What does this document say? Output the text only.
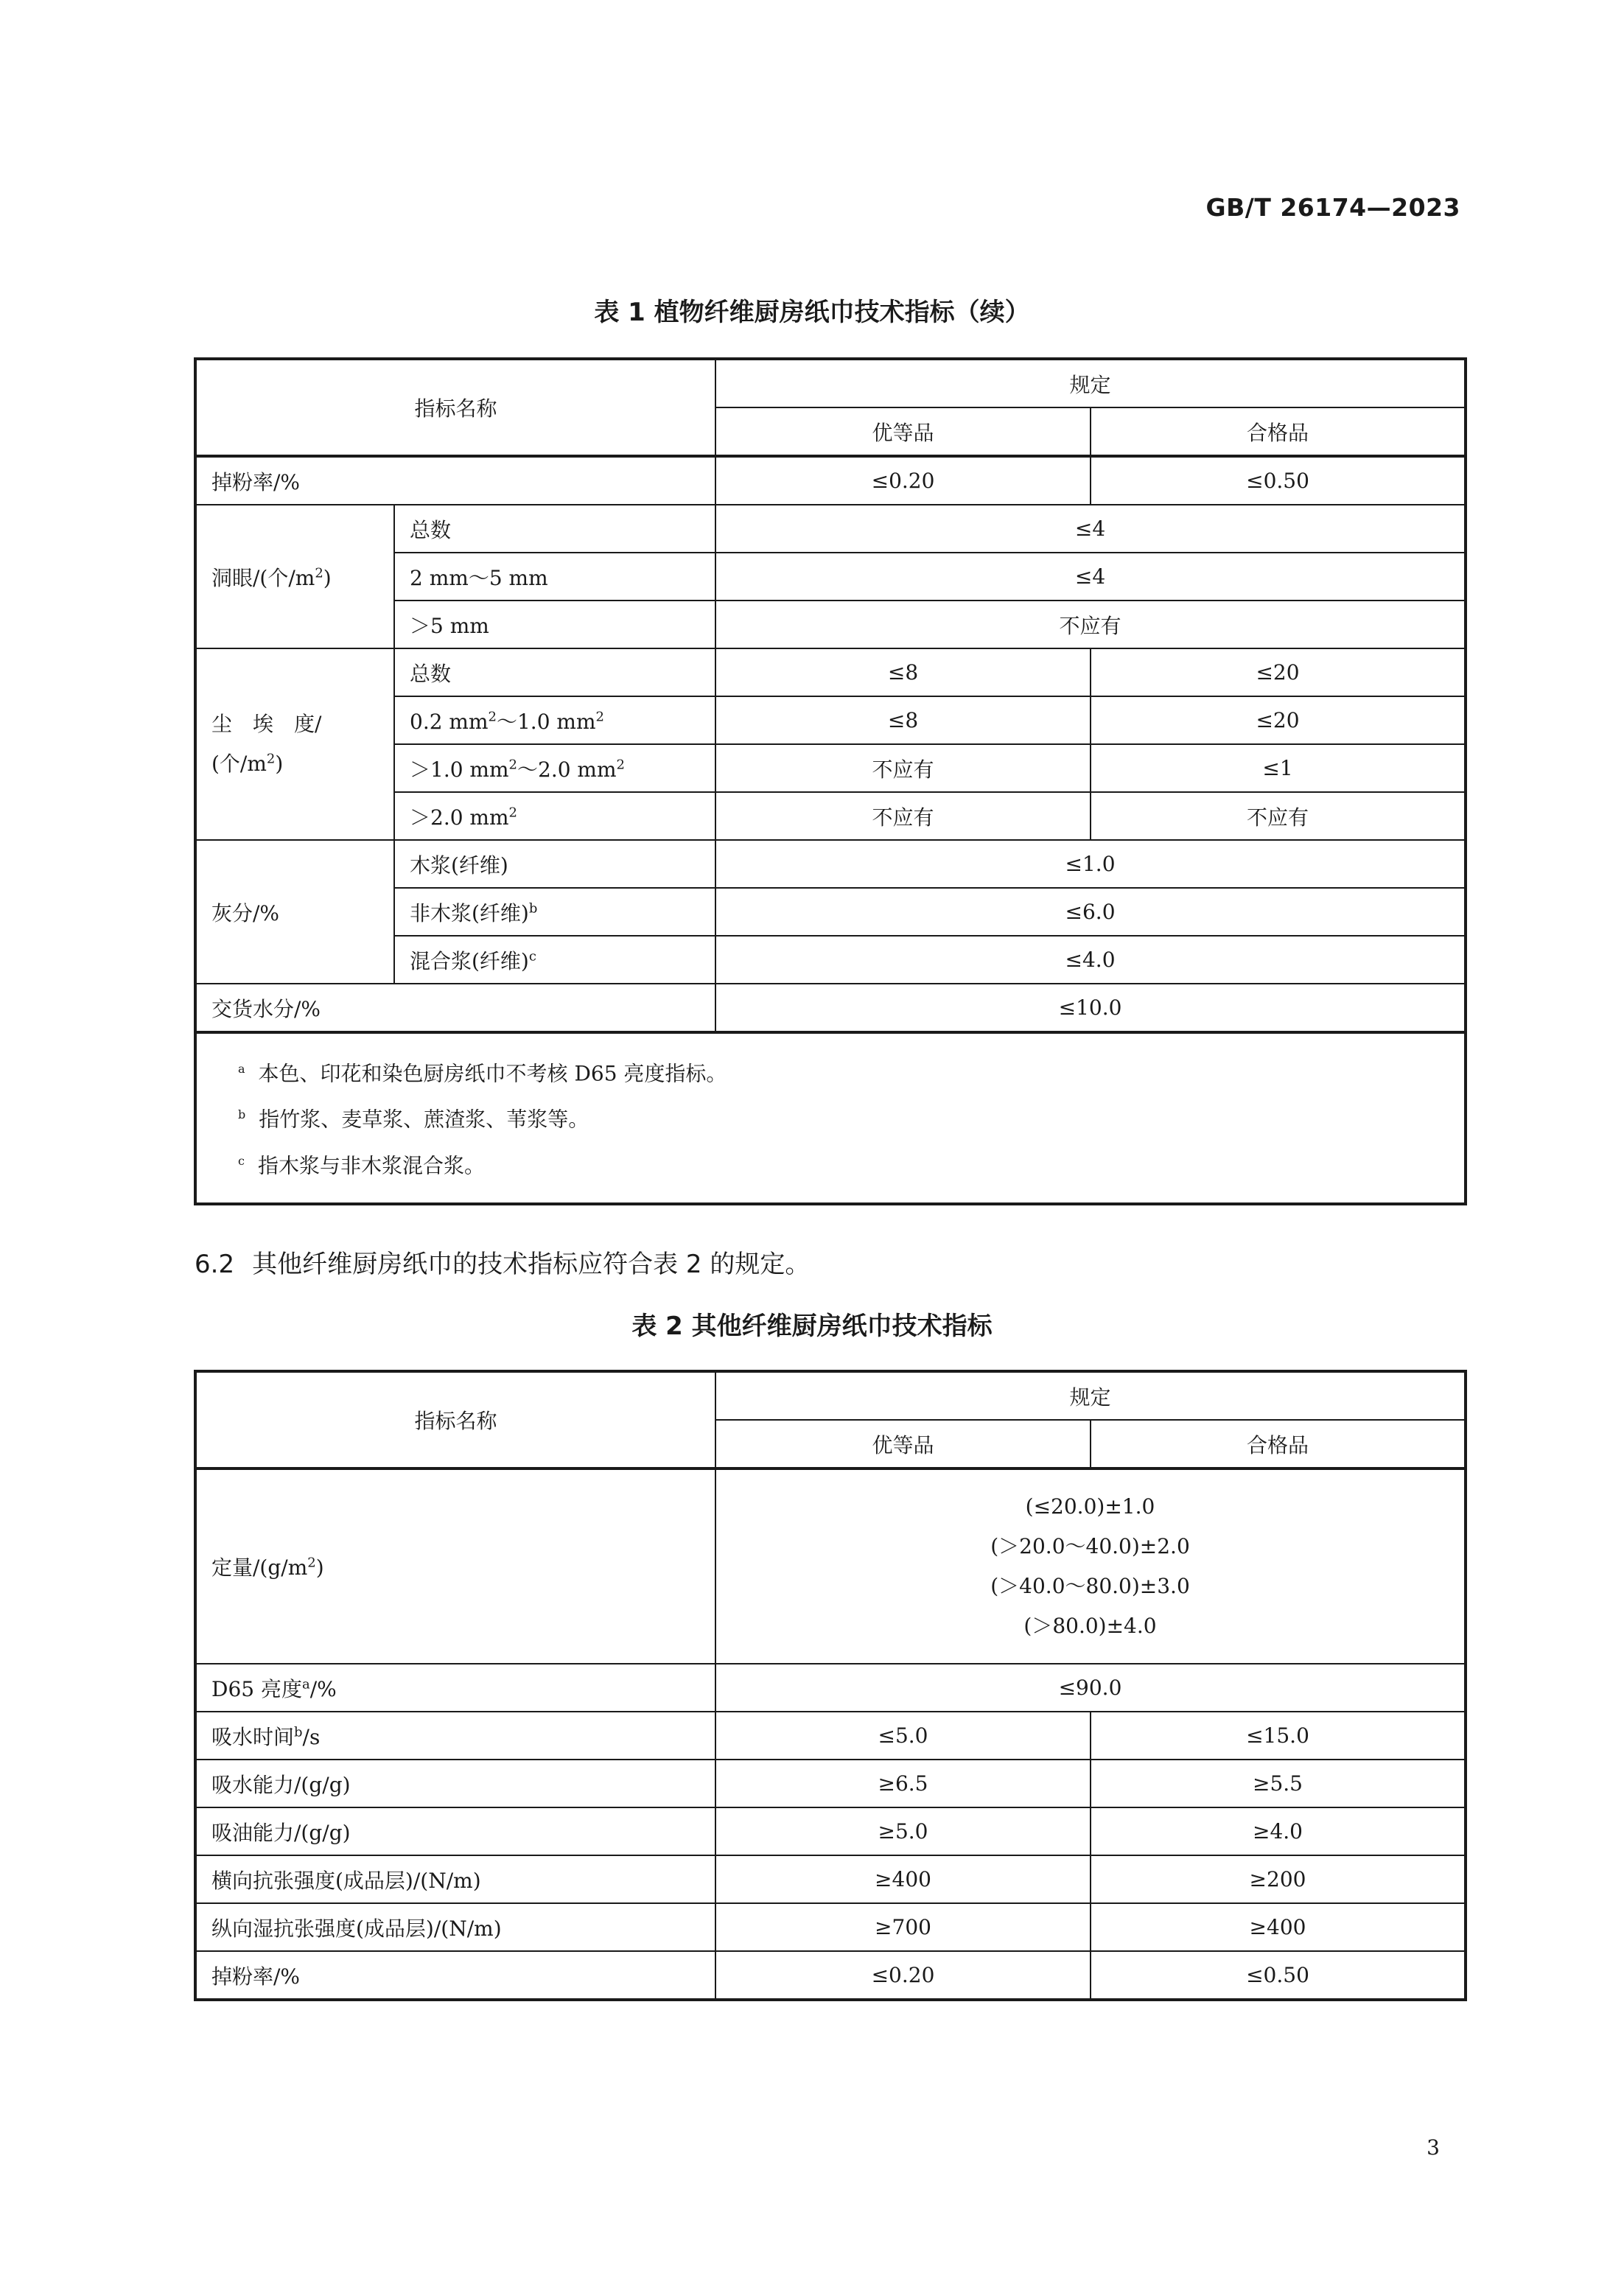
GB/T 26174—2023
表 1 植物纤维厨房纸巾技术指标（续）
指标名称		规定	
		优等品	合格品
掉粉率/%		≤0.20	≤0.50
洞眼/(个$/m^2$)	总数	≤4	
	2 mm～5 mm	≤4	
	＞5 mm	不应有	
尘　埃　度/
(个$/m^2$)	总数	≤8	≤20
	0.2 $mm^2\sim 1.0$ $mm^2$	≤8	≤20
	＞1.0 $mm^2\sim 2.0$ $mm^2$	不应有	≤1
	＞2.0 $mm^2$	不应有	不应有
灰分/%	木浆(纤维)	≤1.0	
	非木浆(纤维)$^b$	≤6.0	
	混合浆(纤维)$^c$	≤4.0	
交货水分/%		≤10.0	

$^a$ 本色、印花和染色厨房纸巾不考核 D65 亮度指标。
$^b$ 指竹浆、麦草浆、蔗渣浆、苇浆等。
$^c$ 指木浆与非木浆混合浆。			
6.2 其他纤维厨房纸巾的技术指标应符合表 2 的规定。
表 2 其他纤维厨房纸巾技术指标
指标名称	规定	
	优等品	合格品
定量$/(g/m^2)$	(≤20.0)±1.0
(＞20.0～40.0)±2.0
(＞40.0～80.0)±3.0
(＞80.0)±4.0	

D65 亮度$^a$/%	≤90.0	
吸水时间$^b$/s	≤5.0	≤15.0
吸水能力/(g/g)	≥6.5	≥5.5
吸油能力/(g/g)	≥5.0	≥4.0
横向抗张强度(成品层)/(N/m)	≥400	≥200
纵向湿抗张强度(成品层)/(N/m)	≥700	≥400
掉粉率/%	≤0.20	≤0.50
3
